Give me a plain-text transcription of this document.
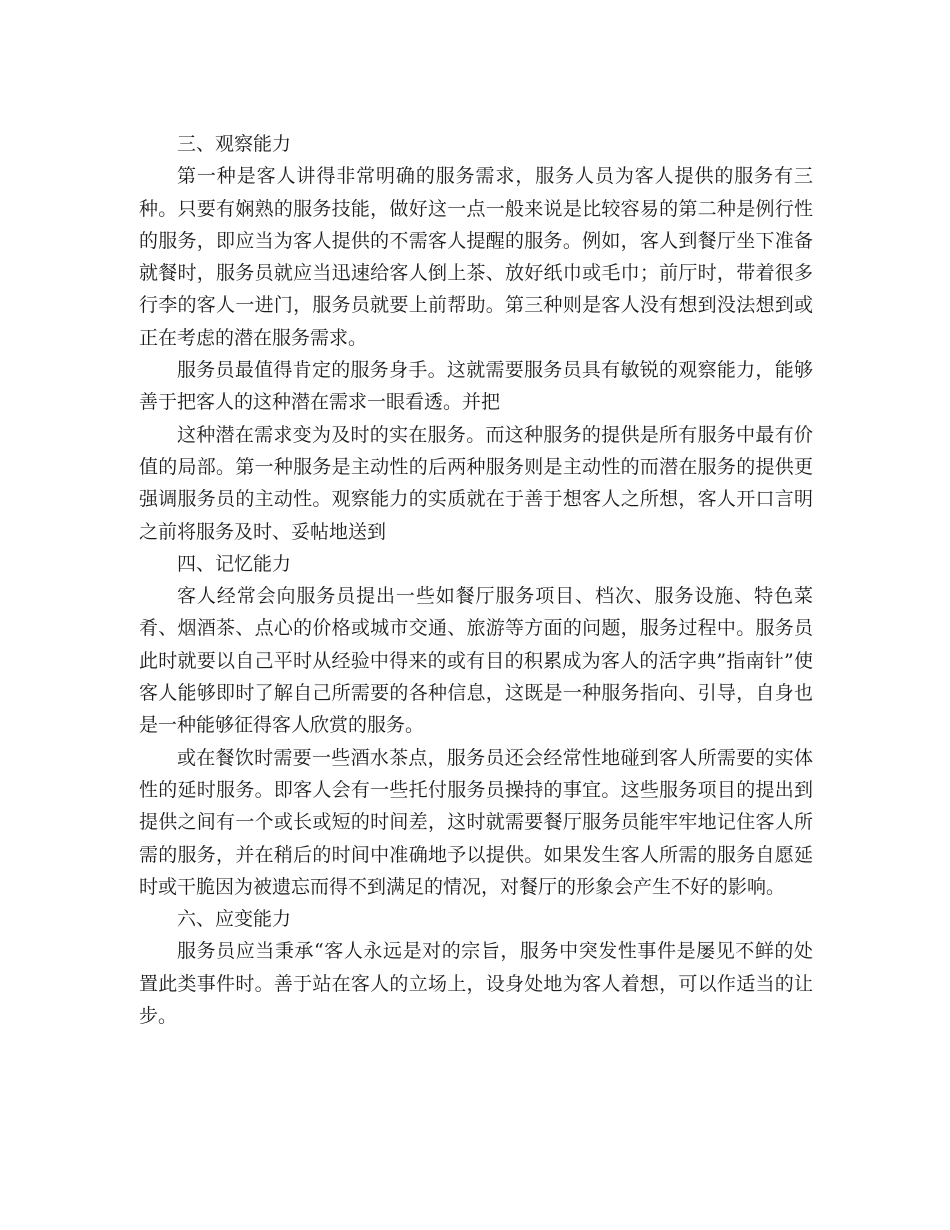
三、观察能力

第一种是客人讲得非常明确的服务需求，服务人员为客人提供的服务有三种。只要有娴熟的服务技能，做好这一点一般来说是比较容易的第二种是例行性的服务，即应当为客人提供的不需客人提醒的服务。例如，客人到餐厅坐下准备就餐时，服务员就应当迅速给客人倒上茶、放好纸巾或毛巾；前厅时，带着很多行李的客人一进门，服务员就要上前帮助。第三种则是客人没有想到没法想到或正在考虑的潜在服务需求。

服务员最值得肯定的服务身手。这就需要服务员具有敏锐的观察能力，能够善于把客人的这种潜在需求一眼看透。并把

这种潜在需求变为及时的实在服务。而这种服务的提供是所有服务中最有价值的局部。第一种服务是主动性的后两种服务则是主动性的而潜在服务的提供更强调服务员的主动性。观察能力的实质就在于善于想客人之所想，客人开口言明之前将服务及时、妥帖地送到

四、记忆能力

客人经常会向服务员提出一些如餐厅服务项目、档次、服务设施、特色菜肴、烟酒茶、点心的价格或城市交通、旅游等方面的问题，服务过程中。服务员此时就要以自己平时从经验中得来的或有目的积累成为客人的活字典”指南针”使客人能够即时了解自己所需要的各种信息，这既是一种服务指向、引导，自身也是一种能够征得客人欣赏的服务。

或在餐饮时需要一些酒水茶点，服务员还会经常性地碰到客人所需要的实体性的延时服务。即客人会有一些托付服务员操持的事宜。这些服务项目的提出到提供之间有一个或长或短的时间差，这时就需要餐厅服务员能牢牢地记住客人所需的服务，并在稍后的时间中准确地予以提供。如果发生客人所需的服务自愿延时或干脆因为被遗忘而得不到满足的情况，对餐厅的形象会产生不好的影响。

六、应变能力

服务员应当秉承“客人永远是对的宗旨，服务中突发性事件是屡见不鲜的处置此类事件时。善于站在客人的立场上，设身处地为客人着想，可以作适当的让步。
